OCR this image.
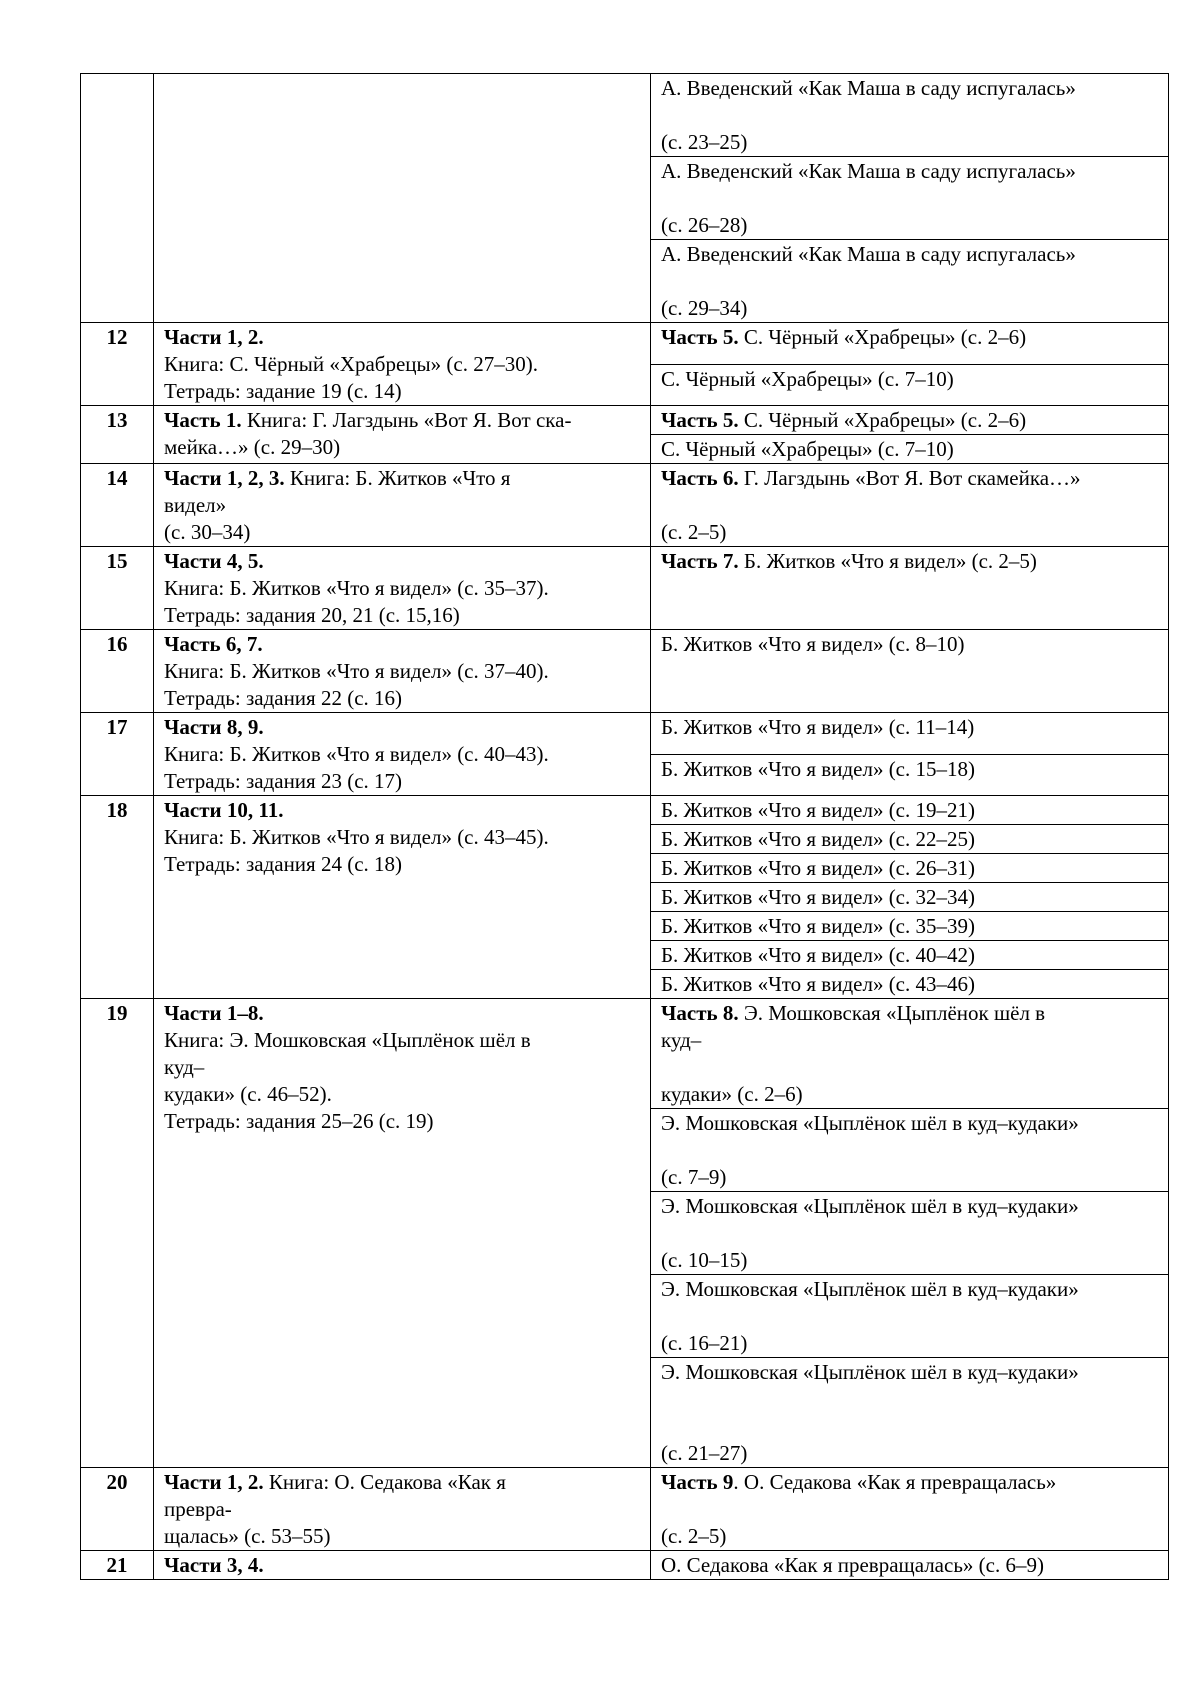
		А. Введенский «Как Маша в саду испугалась»

(с. 23–25)

		А. Введенский «Как Маша в саду испугалась»

(с. 26–28)

		А. Введенский «Как Маша в саду испугалась»

(с. 29–34)

12	Части 1, 2.
Книга: С. Чёрный «Храбрецы» (с. 27–30).
Тетрадь: задание 19 (с. 14)	Часть 5. С. Чёрный «Храбрецы» (с. 2–6)

		С. Чёрный «Храбрецы» (с. 7–10)

13	Часть 1. Книга: Г. Лагздынь «Вот Я. Вот ска-
мейка…» (с. 29–30)	Часть 5. С. Чёрный «Храбрецы» (с. 2–6)

		С. Чёрный «Храбрецы» (с. 7–10)

14	Части 1, 2, 3. Книга: Б. Житков «Что я
видел»
(с. 30–34)	Часть 6. Г. Лагздынь «Вот Я. Вот скамейка…»

(с. 2–5)

15	Части 4, 5.
Книга: Б. Житков «Что я видел» (с. 35–37).
Тетрадь: задания 20, 21 (с. 15,16)	Часть 7. Б. Житков «Что я видел» (с. 2–5)

16	Часть 6, 7.
Книга: Б. Житков «Что я видел» (с. 37–40).
Тетрадь: задания 22 (с. 16)	Б. Житков «Что я видел» (с. 8–10)

17	Части 8, 9.
Книга: Б. Житков «Что я видел» (с. 40–43).
Тетрадь: задания 23 (с. 17)	Б. Житков «Что я видел» (с. 11–14)

		Б. Житков «Что я видел» (с. 15–18)

18	Части 10, 11.
Книга: Б. Житков «Что я видел» (с. 43–45).
Тетрадь: задания 24 (с. 18)	Б. Житков «Что я видел» (с. 19–21)

		Б. Житков «Что я видел» (с. 22–25)

		Б. Житков «Что я видел» (с. 26–31)

		Б. Житков «Что я видел» (с. 32–34)

		Б. Житков «Что я видел» (с. 35–39)

		Б. Житков «Что я видел» (с. 40–42)

		Б. Житков «Что я видел» (с. 43–46)

19	Части 1–8.
Книга: Э. Мошковская «Цыплёнок шёл в
куд–
кудаки» (с. 46–52).
Тетрадь: задания 25–26 (с. 19)	Часть 8. Э. Мошковская «Цыплёнок шёл в
куд–

кудаки» (с. 2–6)

		Э. Мошковская «Цыплёнок шёл в куд–кудаки»

(с. 7–9)

		Э. Мошковская «Цыплёнок шёл в куд–кудаки»

(с. 10–15)

		Э. Мошковская «Цыплёнок шёл в куд–кудаки»

(с. 16–21)

		Э. Мошковская «Цыплёнок шёл в куд–кудаки»

(с. 21–27)

20	Части 1, 2. Книга: О. Седакова «Как я
превра-
щалась» (с. 53–55)	Часть 9. О. Седакова «Как я превращалась»

(с. 2–5)

21	Части 3, 4.	О. Седакова «Как я превращалась» (с. 6–9)
